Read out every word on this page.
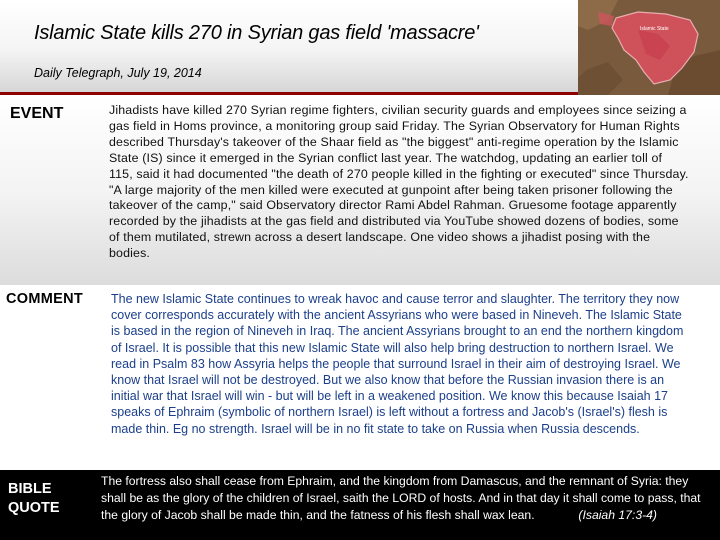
Islamic State kills 270 in Syrian gas field 'massacre'
Daily Telegraph, July 19, 2014
Islamic State
EVENT	Jihadists have killed 270 Syrian regime fighters, civilian security guards and employees since seizing a gas field in Homs province, a monitoring group said Friday. The Syrian Observatory for Human Rights described Thursday's takeover of the Shaar field as "the biggest" anti-regime operation by the Islamic State (IS) since it emerged in the Syrian conflict last year. The watchdog, updating an earlier toll of 115, said it had documented "the death of 270 people killed in the fighting or executed" since Thursday. "A large majority of the men killed were executed at gunpoint after being taken prisoner following the takeover of the camp," said Observatory director Rami Abdel Rahman. Gruesome footage apparently recorded by the jihadists at the gas field and distributed via YouTube showed dozens of bodies, some of them mutilated, strewn across a desert landscape. One video shows a jihadist posing with the bodies.
COMMENT The new Islamic State continues to wreak havoc and cause terror and slaughter. The territory they now cover corresponds accurately with the ancient Assyrians who were based in Nineveh. The Islamic State is based in the region of Nineveh in Iraq. The ancient Assyrians brought to an end the northern kingdom of Israel. It is possible that this new Islamic State will also help bring destruction to northern Israel. We read in Psalm 83 how Assyria helps the people that surround Israel in their aim of destroying Israel. We know that Israel will not be destroyed. But we also know that before the Russian invasion there is an initial war that Israel will win - but will be left in a weakened position. We know this because Isaiah 17 speaks of Ephraim (symbolic of northern Israel) is left without a fortress and Jacob's (Israel's) flesh is made thin. Eg no strength. Israel will be in no fit state to take on Russia when Russia descends.
BIBLE
QUOTE
The fortress also shall cease from Ephraim, and the kingdom from Damascus, and the remnant of Syria: they shall be as the glory of the children of Israel, saith the LORD of hosts. And in that day it shall come to pass, that the glory of Jacob shall be made thin, and the fatness of his flesh shall wax lean.	(Isaiah 17:3-4)
